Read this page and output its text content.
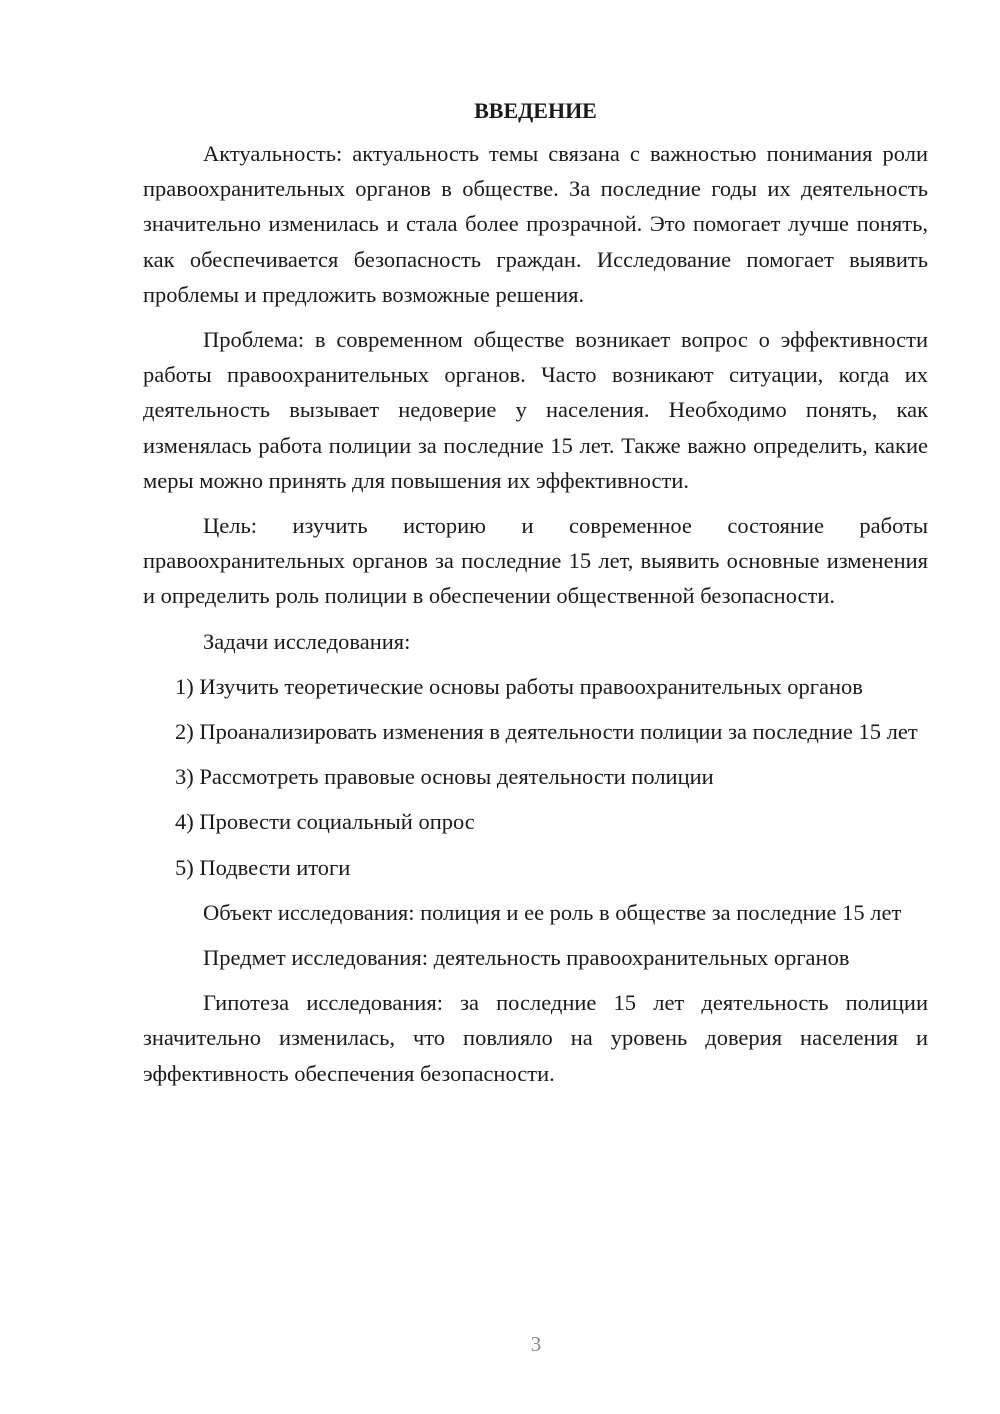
ВВЕДЕНИЕ

Актуальность: актуальность темы связана с важностью понимания роли правоохранительных органов в обществе. За последние годы их деятельность значительно изменилась и стала более прозрачной. Это помогает лучше понять, как обеспечивается безопасность граждан. Исследование помогает выявить проблемы и предложить возможные решения.

Проблема: в современном обществе возникает вопрос о эффективности работы правоохранительных органов. Часто возникают ситуации, когда их деятельность вызывает недоверие у населения. Необходимо понять, как изменялась работа полиции за последние 15 лет. Также важно определить, какие меры можно принять для повышения их эффективности.

Цель: изучить историю и современное состояние работы правоохранительных органов за последние 15 лет, выявить основные изменения и определить роль полиции в обеспечении общественной безопасности.

Задачи исследования:

1) Изучить теоретические основы работы правоохранительных органов

2) Проанализировать изменения в деятельности полиции за последние 15 лет

3) Рассмотреть правовые основы деятельности полиции

4) Провести социальный опрос

5) Подвести итоги

Объект исследования: полиция и ее роль в обществе за последние 15 лет

Предмет исследования: деятельность правоохранительных органов

Гипотеза исследования: за последние 15 лет деятельность полиции значительно изменилась, что повлияло на уровень доверия населения и эффективность обеспечения безопасности.

3
